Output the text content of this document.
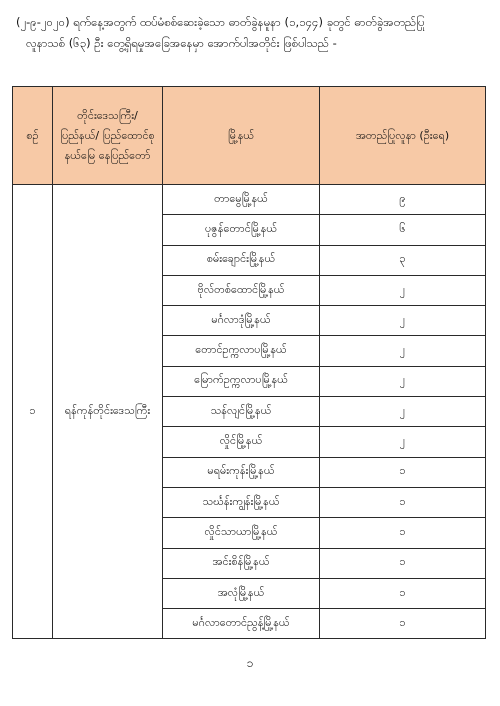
(၂-၉-၂၀၂၀) ရက်နေ့အတွက် ထပ်မံစစ်ဆေးခဲ့သော ဓာတ်ခွဲနမူနာ (၁,၁၄၄) ခုတွင် ဓာတ်ခွဲအတည်ပြု
လူနာသစ် (၆၃) ဦး တွေ့ရှိရမှုအခြေအနေမှာ အောက်ပါအတိုင်း ဖြစ်ပါသည် -
စဉ်	တိုင်းဒေသကြီး/ ပြည်နယ်/ ပြည်ထောင်စုနယ်မြေ နေပြည်တော်	မြို့နယ်	အတည်ပြုလူနာ (ဦးရေ)
၁	ရန်ကုန်တိုင်းဒေသကြီး	တာမွေမြို့နယ်	၉
		ပုဇွန်တောင်မြို့နယ်	၆
		စမ်းချောင်းမြို့နယ်	၃
		ဗိုလ်တစ်ထောင်မြို့နယ်	၂
		မင်္ဂလာဒုံမြို့နယ်	၂
		တောင်ဥက္ကလာပမြို့နယ်	၂
		မြောက်ဥက္ကလာပမြို့နယ်	၂
		သန်လျင်မြို့နယ်	၂
		လှိုင်မြို့နယ်	၂
		မရမ်းကုန်းမြို့နယ်	၁
		သင်္ဃန်းကျွန်းမြို့နယ်	၁
		လှိုင်သာယာမြို့နယ်	၁
		အင်းစိန်မြို့နယ်	၁
		အလုံမြို့နယ်	၁
		မင်္ဂလာတောင်ညွန့်မြို့နယ်	၁
၁
